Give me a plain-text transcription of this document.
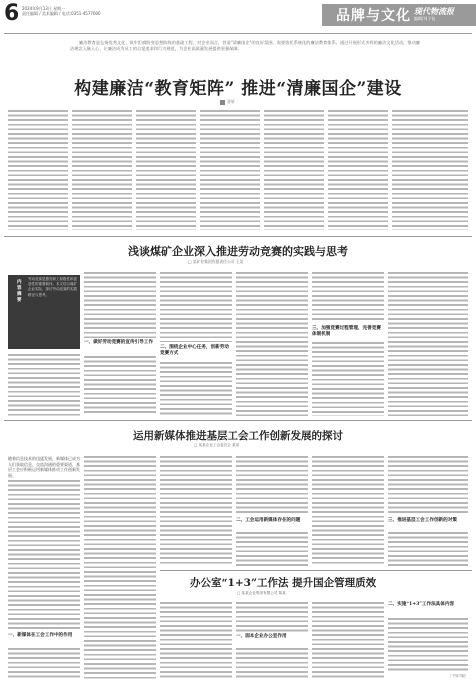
6 2024年9月13日 星期一
责任编辑 / 美术编辑 / 电话:0351-4577000	品牌与文化 现代物流报
编辑/刘子钰
廉洁教育是弘扬优秀文化、筑牢拒腐防变思想防线的基础工程。对企业而言，营造"清廉国企"的良好氛围，需要依托系统化的廉洁教育体系。通过开展形式多样的廉洁文化活动，推动廉洁理念入脑入心，让廉洁成为员工的自觉追求和行为规范，为企业高质量发展提供坚强保障。
构建廉洁“教育矩阵” 推进“清廉国企”建设
晋轩
浅谈煤矿企业深入推进劳动竞赛的实践与思考
□ 某矿业集团有限责任公司 王某
内容摘要
劳动竞赛是激发职工积极性和创造性的重要载体。本文结合煤矿企业实际，探讨劳动竞赛的实践路径与思考。
一、做好劳动竞赛的宣传引导工作
二、围绕企业中心任务，创新劳动竞赛方式
三、加强竞赛过程管理，完善竞赛体制机制
运用新媒体推进基层工会工作创新发展的探讨
□ 某某企业工会委员会 某某
随着信息技术的迅猛发展，新媒体已成为人们获取信息、交流沟通的重要渠道，基层工会应积极运用新媒体推动工作创新发展。
一、新媒体在工会工作中的作用
二、工会运用新媒体存在的问题	三、推进基层工会工作创新的对策
办公室“1+3”工作法 提升国企管理质效
□ 某某企业集团有限公司 陈某
一、固本企业办公室作用
二、实施“1+3”工作法具体内容
（下转7版）
